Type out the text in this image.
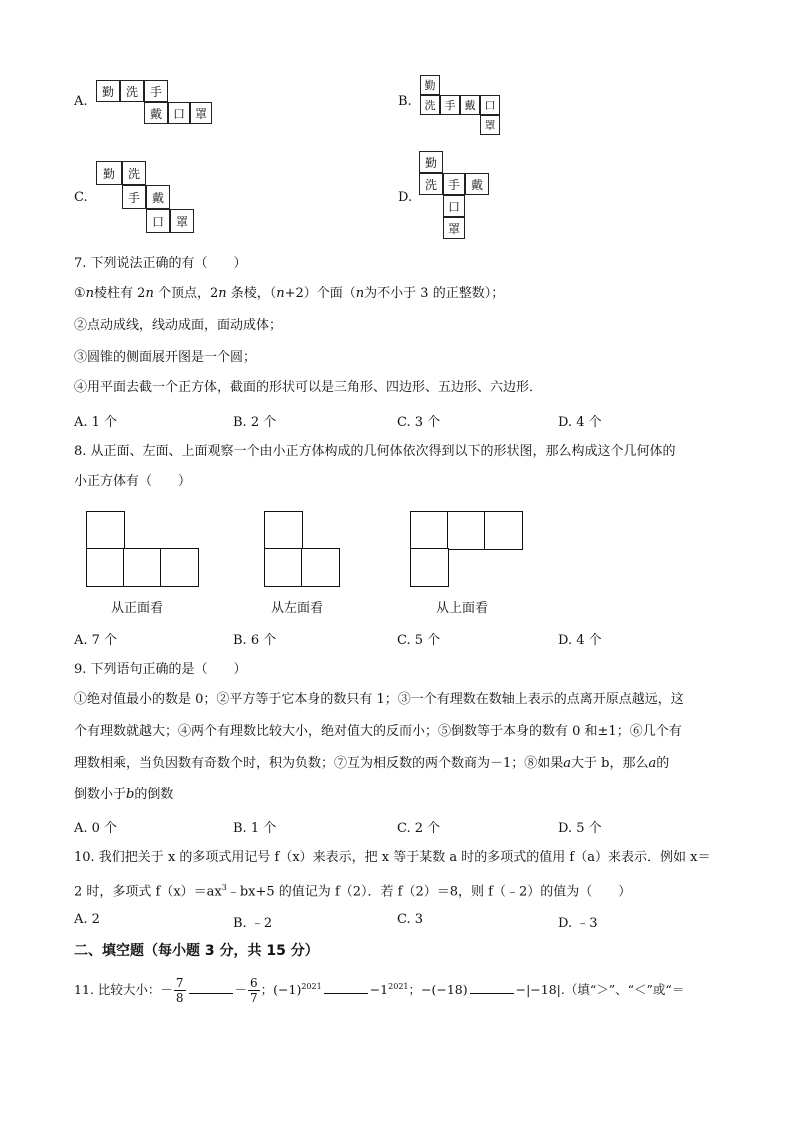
A.
勤 洗 手
戴 口 罩
B.
勤
洗 手 戴 口
罩
C.
勤	洗
手 戴
口 罩
D.
勤
洗 手 戴
口
罩
7. 下列说法正确的有（　　）
①n棱柱有 2n 个顶点，2n 条棱，（n+2）个面（n为不小于 3 的正整数）；
②点动成线，线动成面，面动成体；
③圆锥的侧面展开图是一个圆；
④用平面去截一个正方体，截面的形状可以是三角形、四边形、五边形、六边形．
A. 1 个	B. 2 个	C. 3 个	D. 4 个
8. 从正面、左面、上面观察一个由小正方体构成的几何体依次得到以下的形状图，那么构成这个几何体的
小正方体有（　　）
从正面看	从左面看	从上面看
A. 7 个	B. 6 个	C. 5 个	D. 4 个
9. 下列语句正确的是（　　）
①绝对值最小的数是 0；②平方等于它本身的数只有 1；③一个有理数在数轴上表示的点离开原点越远，这
个有理数就越大；④两个有理数比较大小，绝对值大的反而小；⑤倒数等于本身的数有 0 和±1；⑥几个有
理数相乘，当负因数有奇数个时，积为负数；⑦互为相反数的两个数商为－1；⑧如果a大于 b，那么a的
倒数小于b的倒数
A. 0 个	B. 1 个	C. 2 个	D. 5 个
10. 我们把关于 x 的多项式用记号 f（x）来表示，把 x 等于某数 a 时的多项式的值用 f（a）来表示．例如 x＝
2 时，多项式 $f(x)=ax^3﹣bx+5$ 的值记为 f（2）．若 f（2）＝8，则 f（﹣2）的值为（　　）
A. 2	B. ﹣2	C. 3	D. ﹣3
二、填空题（每小题 3 分，共 15 分）
11. 比较大小：－ $\frac{7}{8}$	－ $\frac{6}{7}$ ；$(-1)^{2021}$	$-1^{2021}$；−(−18)	−|−18|.（填“＞”、“＜”或“＝
